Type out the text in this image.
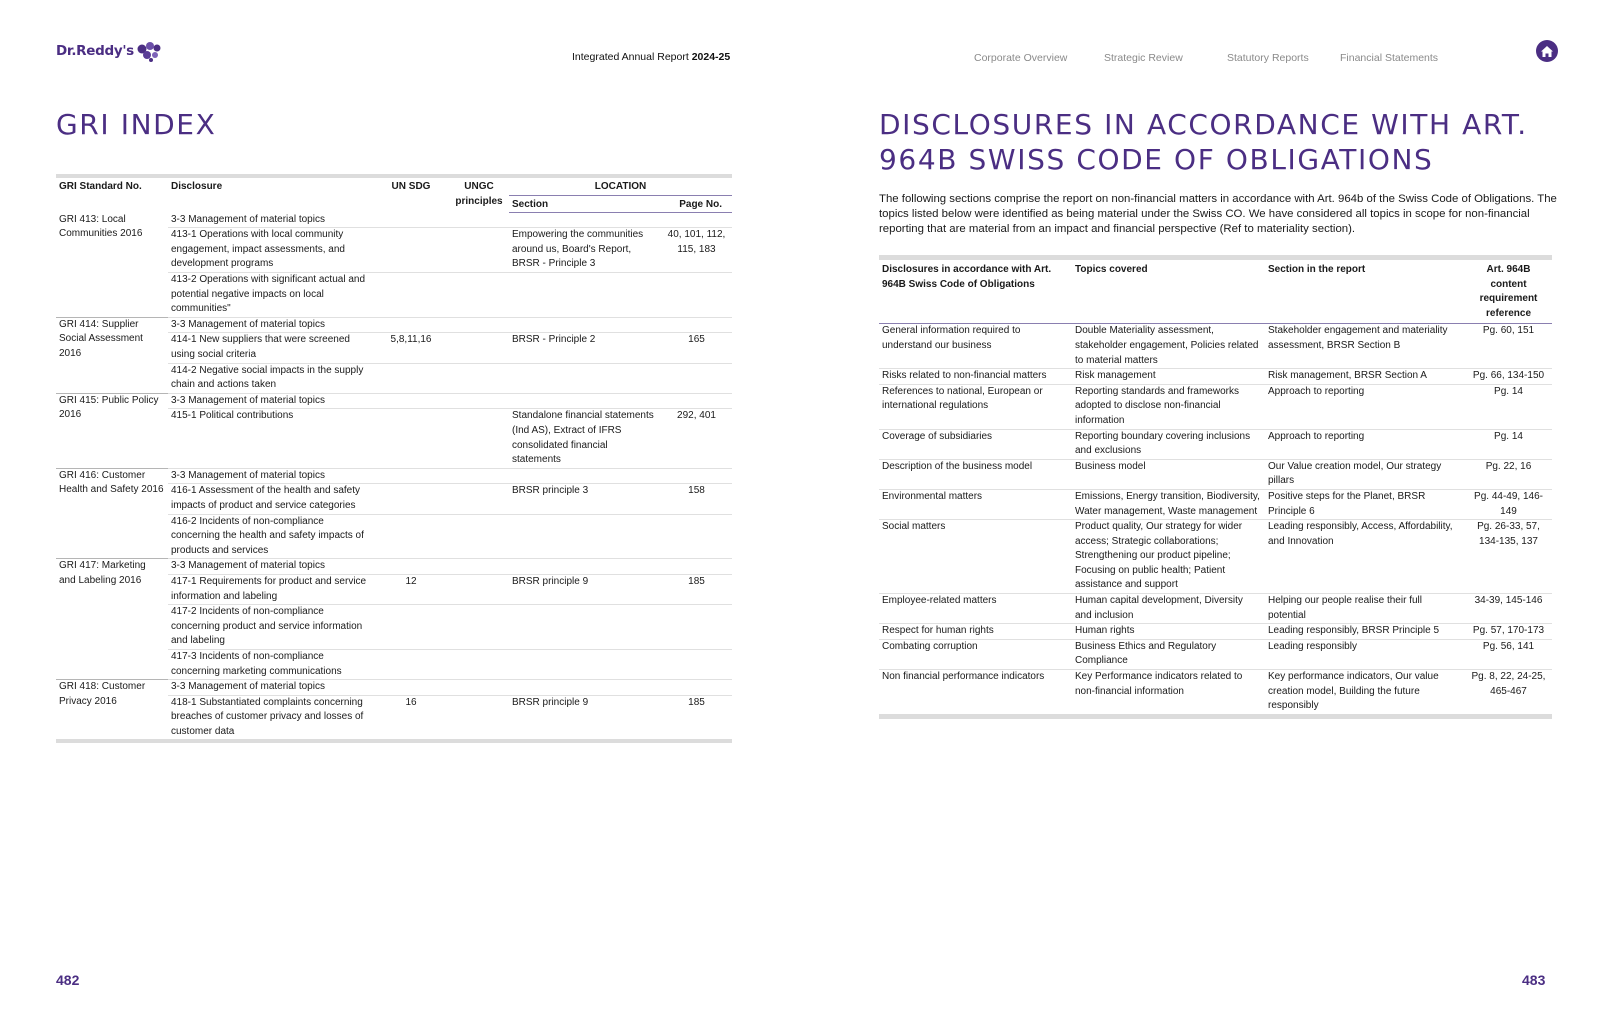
Dr.Reddy's	Integrated Annual Report 2024-25	Corporate Overview	Strategic Review	Statutory Reports	Financial Statements
GRI INDEX	DISCLOSURES IN ACCORDANCE WITH ART. 964B SWISS CODE OF OBLIGATIONS

The following sections comprise the report on non-financial matters in accordance with Art. 964b of the Swiss Code of Obligations. The topics listed below were identified as being material under the Swiss CO. We have considered all topics in scope for non-financial reporting that are material from an impact and financial perspective (Ref to materiality section).

GRI Standard No.	Disclosure	UN SDG	UNGC principles	LOCATION	
				Section	Page No.
GRI 413: Local Communities 2016	3-3 Management of material topics				
	413-1 Operations with local community engagement, impact assessments, and development programs			Empowering the communities around us, Board's Report, BRSR - Principle 3	40, 101, 112, 115, 183
	413-2 Operations with significant actual and potential negative impacts on local communities"				
GRI 414: Supplier Social Assessment 2016	3-3 Management of material topics				
	414-1 New suppliers that were screened using social criteria	5,8,11,16		BRSR - Principle 2	165
	414-2 Negative social impacts in the supply chain and actions taken				
GRI 415: Public Policy 2016	3-3 Management of material topics				
	415-1 Political contributions			Standalone financial statements (Ind AS), Extract of IFRS consolidated financial statements	292, 401
GRI 416: Customer Health and Safety 2016	3-3 Management of material topics				
	416-1 Assessment of the health and safety impacts of product and service categories			BRSR principle 3	158
	416-2 Incidents of non-compliance concerning the health and safety impacts of products and services				
GRI 417: Marketing and Labeling 2016	3-3 Management of material topics				
	417-1 Requirements for product and service information and labeling	12		BRSR principle 9	185
	417-2 Incidents of non-compliance concerning product and service information and labeling				
	417-3 Incidents of non-compliance concerning marketing communications				
GRI 418: Customer Privacy 2016	3-3 Management of material topics				
	418-1 Substantiated complaints concerning breaches of customer privacy and losses of customer data	16		BRSR principle 9	185
Disclosures in accordance with Art. 964B Swiss Code of Obligations	Topics covered	Section in the report	Art. 964B content requirement reference
General information required to understand our business	Double Materiality assessment, stakeholder engagement, Policies related to material matters	Stakeholder engagement and materiality assessment, BRSR Section B	Pg. 60, 151
Risks related to non-financial matters	Risk management	Risk management, BRSR Section A	Pg. 66, 134-150
References to national, European or international regulations	Reporting standards and frameworks adopted to disclose non-financial information	Approach to reporting	Pg. 14
Coverage of subsidiaries	Reporting boundary covering inclusions and exclusions	Approach to reporting	Pg. 14
Description of the business model	Business model	Our Value creation model, Our strategy pillars	Pg. 22, 16
Environmental matters	Emissions, Energy transition, Biodiversity, Water management, Waste management	Positive steps for the Planet, BRSR Principle 6	Pg. 44-49, 146-149
Social matters	Product quality, Our strategy for wider access; Strategic collaborations; Strengthening our product pipeline; Focusing on public health; Patient assistance and support	Leading responsibly, Access, Affordability, and Innovation	Pg. 26-33, 57, 134-135, 137
Employee-related matters	Human capital development, Diversity and inclusion	Helping our people realise their full potential	34-39, 145-146
Respect for human rights	Human rights	Leading responsibly, BRSR Principle 5	Pg. 57, 170-173
Combating corruption	Business Ethics and Regulatory Compliance	Leading responsibly	Pg. 56, 141
Non financial performance indicators	Key Performance indicators related to non-financial information	Key performance indicators, Our value creation model, Building the future responsibly	Pg. 8, 22, 24-25, 465-467
482	483
